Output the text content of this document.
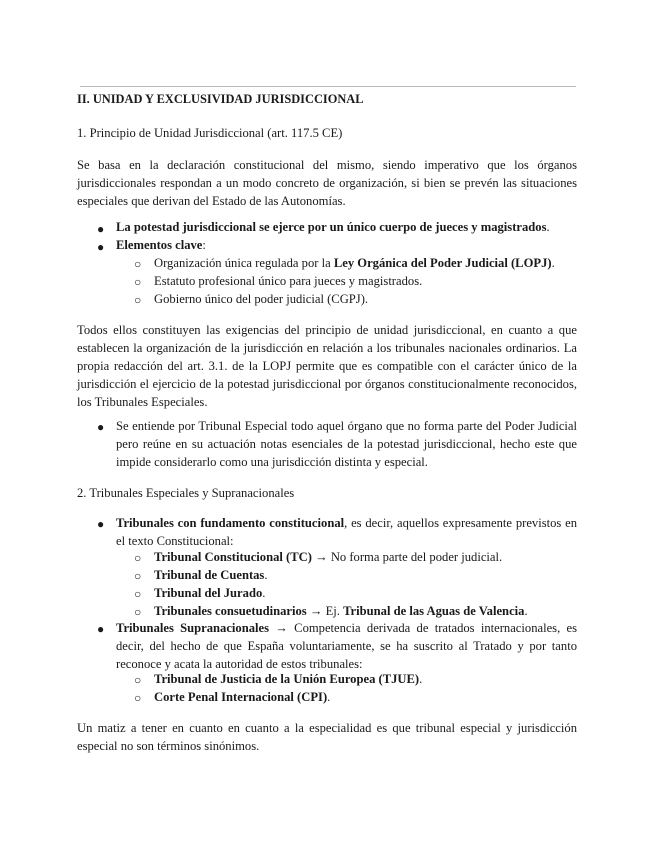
II. UNIDAD Y EXCLUSIVIDAD JURISDICCIONAL
1. Principio de Unidad Jurisdiccional (art. 117.5 CE)
Se basa en la declaración constitucional del mismo, siendo imperativo que los órganos jurisdiccionales respondan a un modo concreto de organización, si bien se prevén las situaciones especiales que derivan del Estado de las Autonomías.
● La potestad jurisdiccional se ejerce por un único cuerpo de jueces y magistrados.
● Elementos clave:
○ Organización única regulada por la Ley Orgánica del Poder Judicial (LOPJ).
○ Estatuto profesional único para jueces y magistrados.
○ Gobierno único del poder judicial (CGPJ).
Todos ellos constituyen las exigencias del principio de unidad jurisdiccional, en cuanto a que establecen la organización de la jurisdicción en relación a los tribunales nacionales ordinarios. La propia redacción del art. 3.1. de la LOPJ permite que es compatible con el carácter único de la jurisdicción el ejercicio de la potestad jurisdiccional por órganos constitucionalmente reconocidos, los Tribunales Especiales.
● Se entiende por Tribunal Especial todo aquel órgano que no forma parte del Poder Judicial pero reúne en su actuación notas esenciales de la potestad jurisdiccional, hecho este que impide considerarlo como una jurisdicción distinta y especial.
2. Tribunales Especiales y Supranacionales
● Tribunales con fundamento constitucional, es decir, aquellos expresamente previstos en el texto Constitucional:
○ Tribunal Constitucional (TC) → No forma parte del poder judicial.
○ Tribunal de Cuentas.
○ Tribunal del Jurado.
○ Tribunales consuetudinarios → Ej. Tribunal de las Aguas de Valencia.
● Tribunales Supranacionales → Competencia derivada de tratados internacionales, es decir, del hecho de que España voluntariamente, se ha suscrito al Tratado y por tanto reconoce y acata la autoridad de estos tribunales:
○ Tribunal de Justicia de la Unión Europea (TJUE).
○ Corte Penal Internacional (CPI).
Un matiz a tener en cuanto en cuanto a la especialidad es que tribunal especial y jurisdicción especial no son términos sinónimos.
